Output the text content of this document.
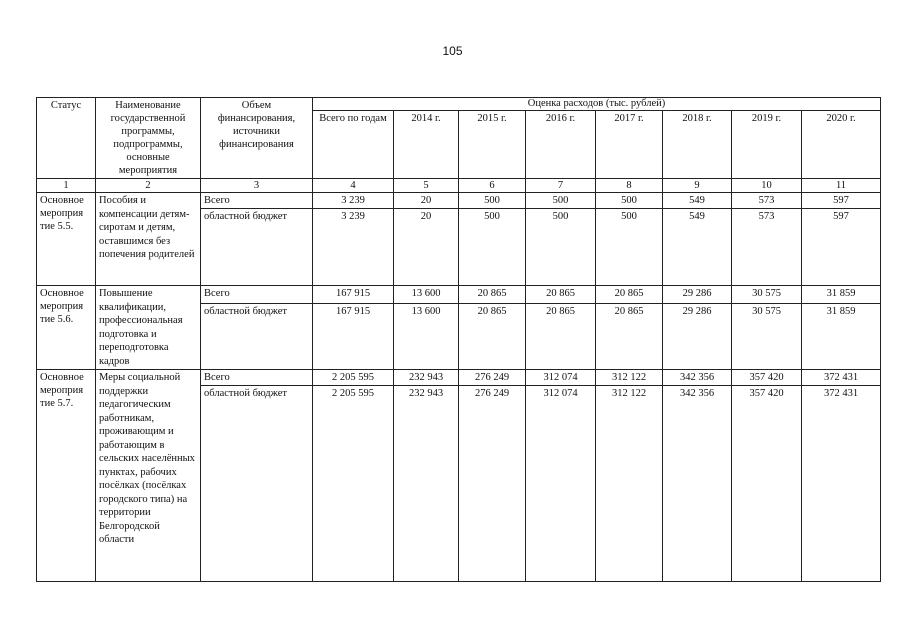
105
Статус	Наименование государственной программы, подпрограммы, основные мероприятия	Объем финансирования, источники финансирования	Оценка расходов (тыс. рублей)							
			Всего по годам	2014 г.	2015 г.	2016 г.	2017 г.	2018 г.	2019 г.	2020 г.
1	2	3	4	5	6	7	8	9	10	11
Основное мероприя тие 5.5.	Пособия и компенсации детям-сиротам и детям, оставшимся без попечения родителей	Всего	3 239	20	500	500	500	549	573	597
		областной бюджет	3 239	20	500	500	500	549	573	597
Основное мероприя тие 5.6.	Повышение квалификации, профессиональная подготовка и переподготовка кадров	Всего	167 915	13 600	20 865	20 865	20 865	29 286	30 575	31 859
		областной бюджет	167 915	13 600	20 865	20 865	20 865	29 286	30 575	31 859
Основное мероприя тие 5.7.	Меры социальной поддержки педагогическим работникам, проживающим и работающим в сельских населённых пунктах, рабочих посёлках (посёлках городского типа) на территории Белгородской области	Всего	2 205 595	232 943	276 249	312 074	312 122	342 356	357 420	372 431
		областной бюджет	2 205 595	232 943	276 249	312 074	312 122	342 356	357 420	372 431
